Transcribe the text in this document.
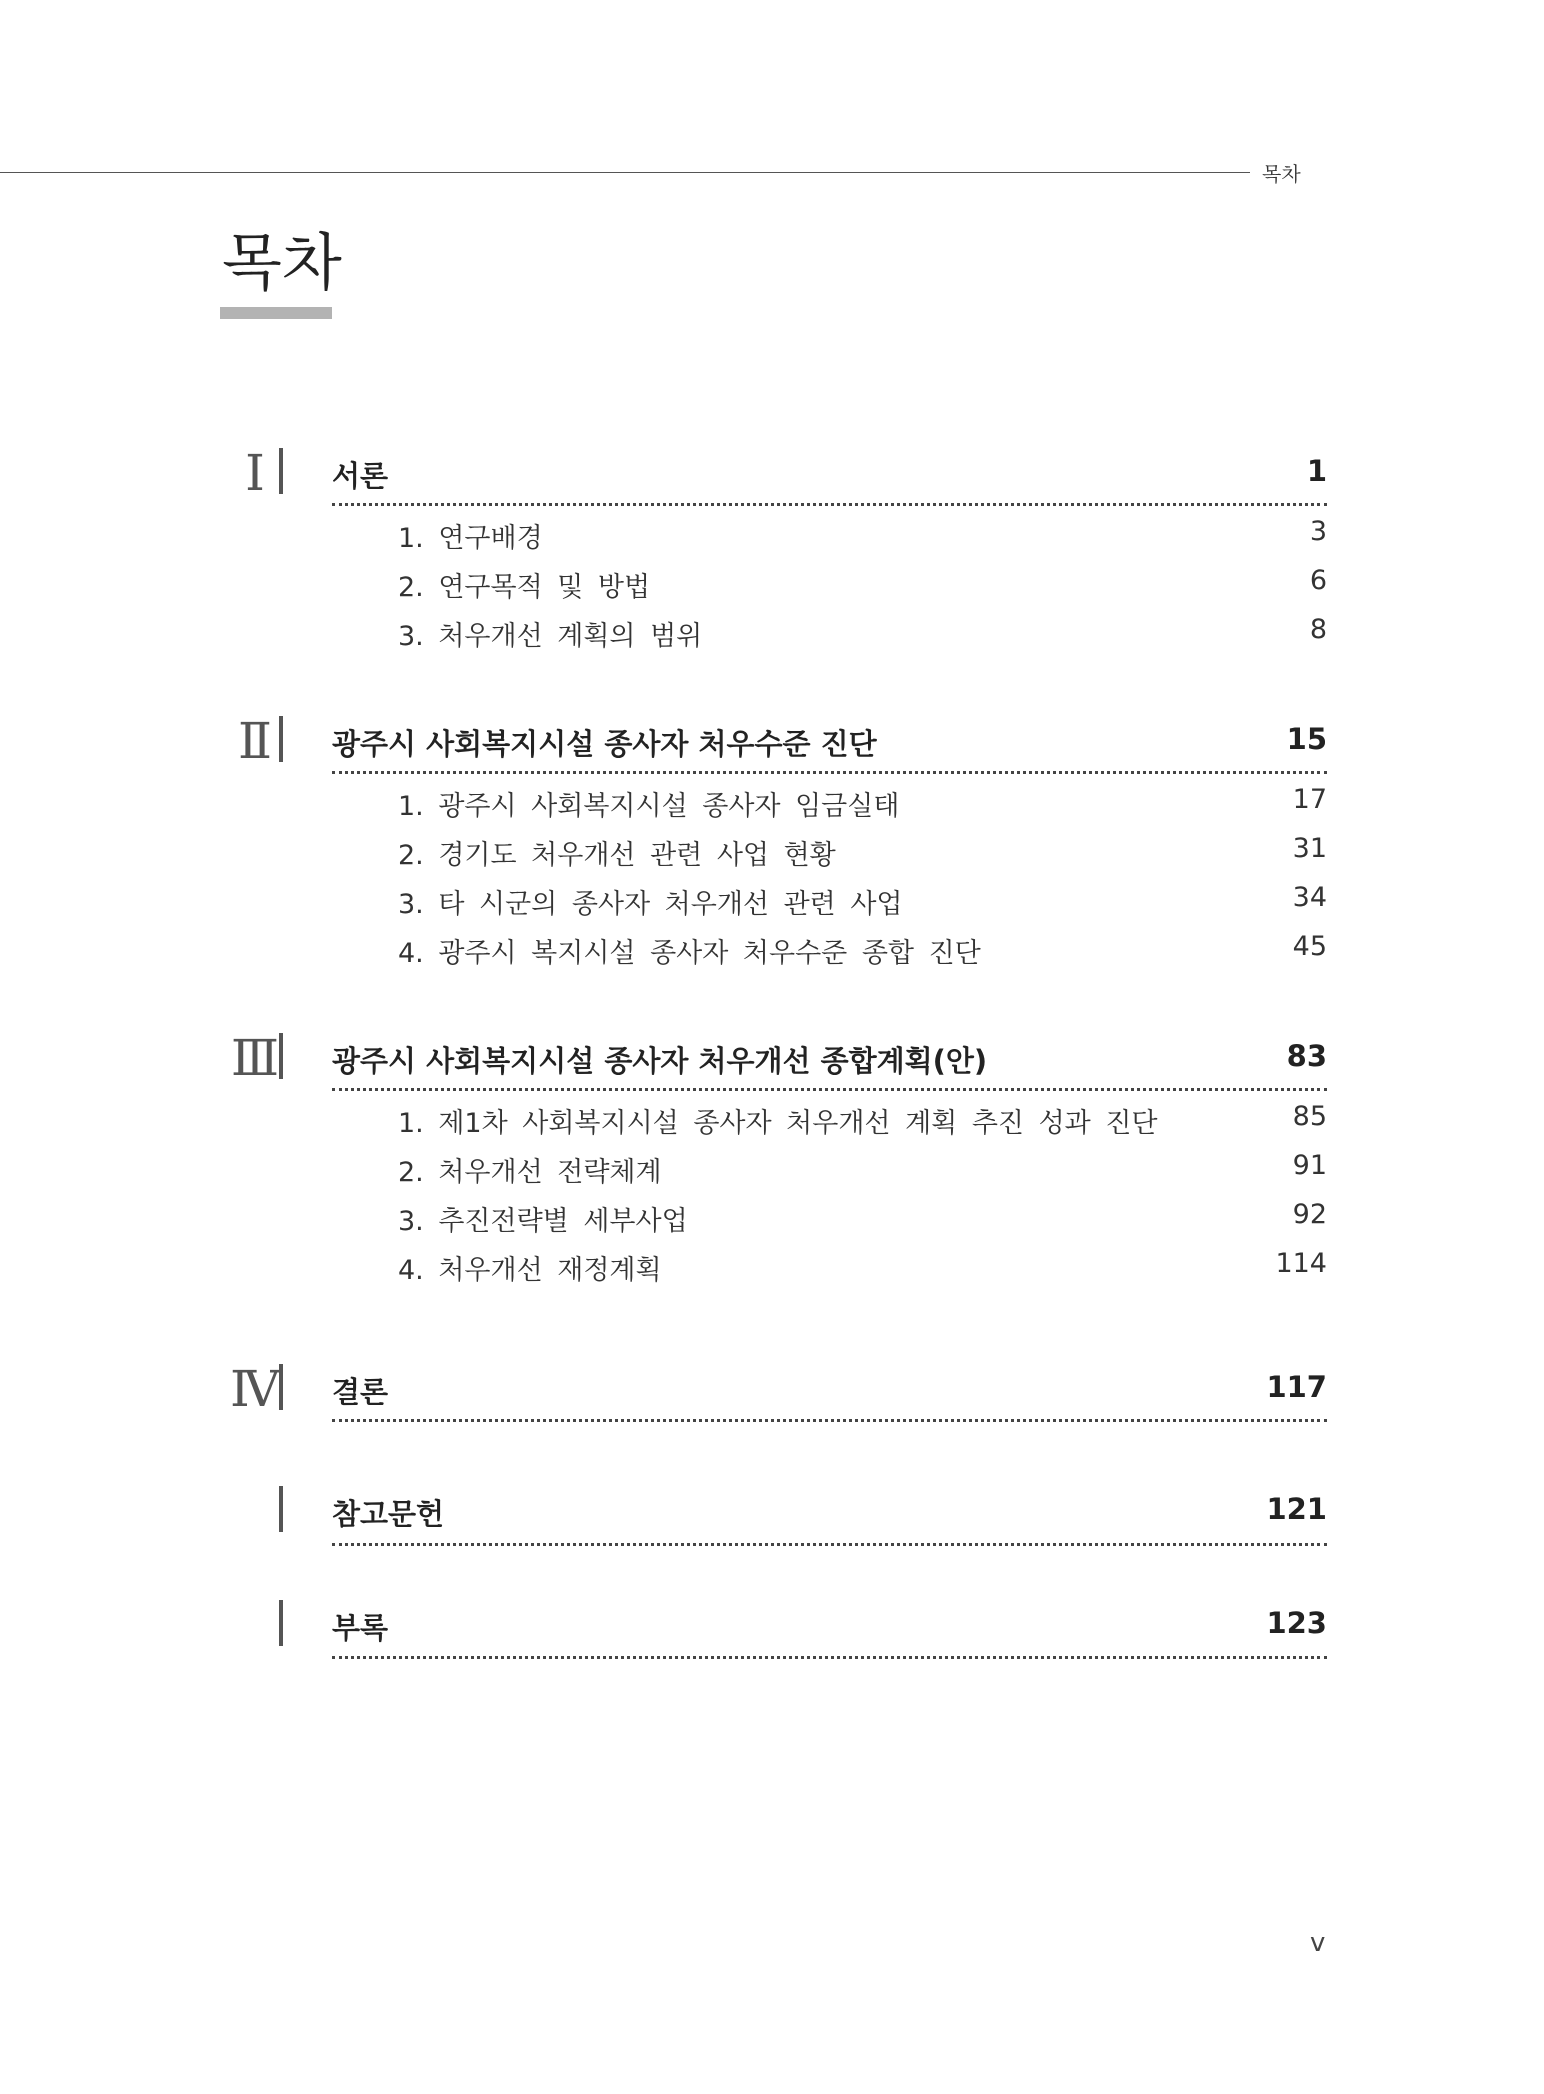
목차
목차
Ⅰ	서론	1
1. 연구배경	3
2. 연구목적 및 방법	6
3. 처우개선 계획의 범위	8
Ⅱ	광주시 사회복지시설 종사자 처우수준 진단	15
1. 광주시 사회복지시설 종사자 임금실태	17
2. 경기도 처우개선 관련 사업 현황	31
3. 타 시군의 종사자 처우개선 관련 사업	34
4. 광주시 복지시설 종사자 처우수준 종합 진단	45
Ⅲ 광주시 사회복지시설 종사자 처우개선 종합계획(안)	83
1. 제1차 사회복지시설 종사자 처우개선 계획 추진 성과 진단	85
2. 처우개선 전략체계	91
3. 추진전략별 세부사업	92
4. 처우개선 재정계획	114
Ⅳ 결론	117
참고문헌	121
부록	123
v
